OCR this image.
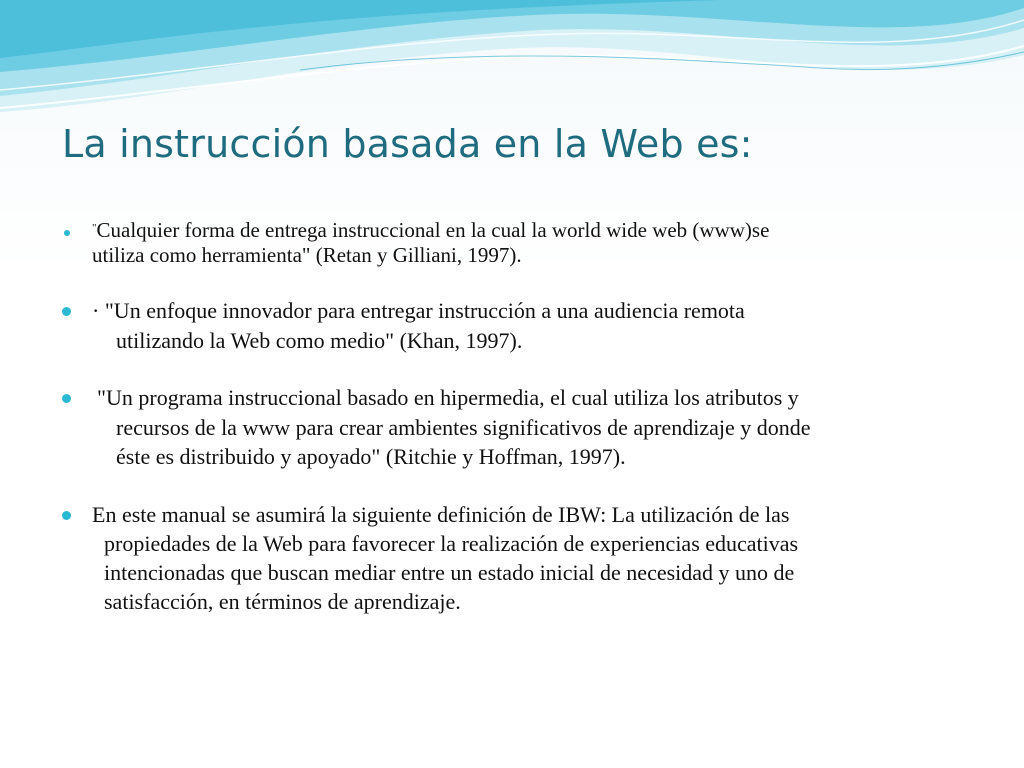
La instrucción basada en la Web es:

"Cualquier forma de entrega instruccional en la cual la world wide web (www)se

utiliza como herramienta" (Retan y Gilliani, 1997).

· "Un enfoque innovador para entregar instrucción a una audiencia remota

utilizando la Web como medio" (Khan, 1997).

"Un programa instruccional basado en hipermedia, el cual utiliza los atributos y

recursos de la www para crear ambientes significativos de aprendizaje y donde

éste es distribuido y apoyado" (Ritchie y Hoffman, 1997).

En este manual se asumirá la siguiente definición de IBW: La utilización de las

propiedades de la Web para favorecer la realización de experiencias educativas

intencionadas que buscan mediar entre un estado inicial de necesidad y uno de

satisfacción, en términos de aprendizaje.
